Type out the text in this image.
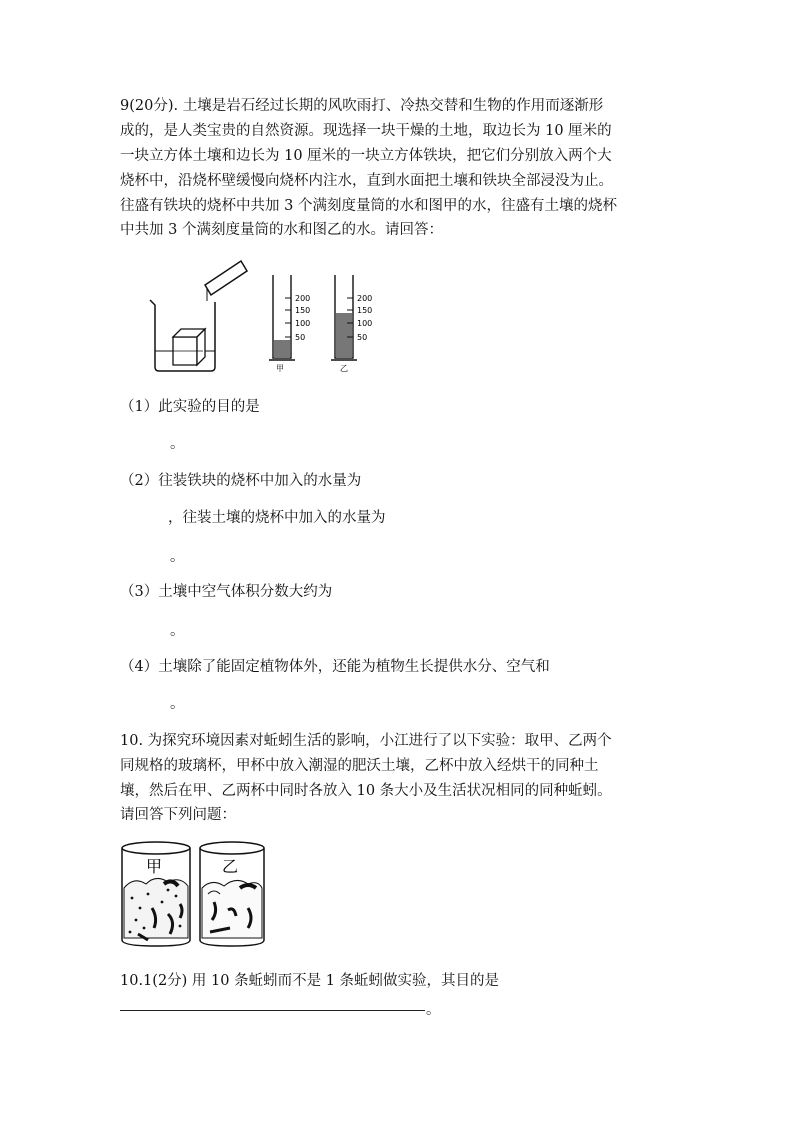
9(20分). 土壤是岩石经过长期的风吹雨打、冷热交替和生物的作用而逐渐形
成的，是人类宝贵的自然资源。现选择一块干燥的土地，取边长为 10 厘米的
一块立方体土壤和边长为 10 厘米的一块立方体铁块，把它们分别放入两个大
烧杯中，沿烧杯壁缓慢向烧杯内注水，直到水面把土壤和铁块全部浸没为止。
往盛有铁块的烧杯中共加 3 个满刻度量筒的水和图甲的水，往盛有土壤的烧杯
中共加 3 个满刻度量筒的水和图乙的水。请回答：
200
150
100
50
甲
200
150
100
50
乙
（1）此实验的目的是
。
（2）往装铁块的烧杯中加入的水量为
，往装土壤的烧杯中加入的水量为
。
（3）土壤中空气体积分数大约为
。
（4）土壤除了能固定植物体外，还能为植物生长提供水分、空气和
。
10. 为探究环境因素对蚯蚓生活的影响，小江进行了以下实验：取甲、乙两个
同规格的玻璃杯，甲杯中放入潮湿的肥沃土壤，乙杯中放入经烘干的同种土
壤，然后在甲、乙两杯中同时各放入 10 条大小及生活状况相同的同种蚯蚓。
请回答下列问题：
甲	乙
10.1(2分) 用 10 条蚯蚓而不是 1 条蚯蚓做实验，其目的是
。
